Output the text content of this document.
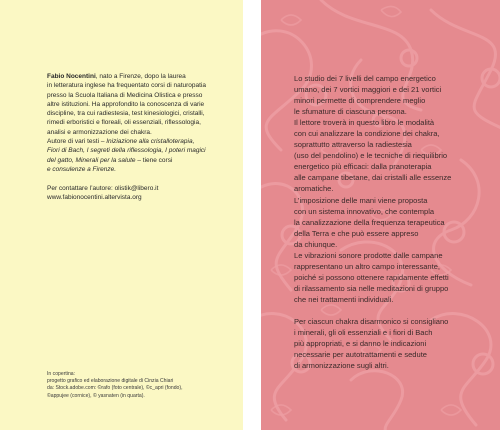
Fabio Nocentini, nato a Firenze, dopo la laurea

in letteratura inglese ha frequentato corsi di naturopatia

presso la Scuola Italiana di Medicina Olistica e presso

altre istituzioni. Ha approfondito la conoscenza di varie

discipline, tra cui radiestesia, test kinesiologici, cristalli,

rimedi erboristici e floreali, oli essenziali, riflessologia,

analisi e armonizzazione dei chakra.

Autore di vari testi – Iniziazione alla cristalloterapia,

Fiori di Bach, I segreti della riflessologia, I poteri magici

del gatto, Minerali per la salute – tiene corsi

e consulenze a Firenze.

Per contattare l’autore: olistik@libero.it

www.fabionocentini.altervista.org

In copertina:

progetto grafico ed elaborazione digitale di Cinzia Chiari

da: Stock.adobe.com: ©rafo (foto centrale), ©c_apri (fondo),

©appujee (cornice), © yasnaten (in quarta).

Lo studio dei 7 livelli del campo energetico

umano, dei 7 vortici maggiori e dei 21 vortici

minori permette di comprendere meglio

le sfumature di ciascuna persona.

Il lettore troverà in questo libro le modalità

con cui analizzare la condizione dei chakra,

soprattutto attraverso la radiestesia

(uso del pendolino) e le tecniche di riequilibrio

energetico più efficaci: dalla pranoterapia

alle campane tibetane, dai cristalli alle essenze

aromatiche.

L’imposizione delle mani viene proposta

con un sistema innovativo, che contempla

la canalizzazione della frequenza terapeutica

della Terra e che può essere appreso

da chiunque.

Le vibrazioni sonore prodotte dalle campane

rappresentano un altro campo interessante,

poiché si possono ottenere rapidamente effetti

di rilassamento sia nelle meditazioni di gruppo

che nei trattamenti individuali.

Per ciascun chakra disarmonico si consigliano

i minerali, gli oli essenziali e i fiori di Bach

più appropriati, e si danno le indicazioni

necessarie per autotrattamenti e sedute

di armonizzazione sugli altri.
